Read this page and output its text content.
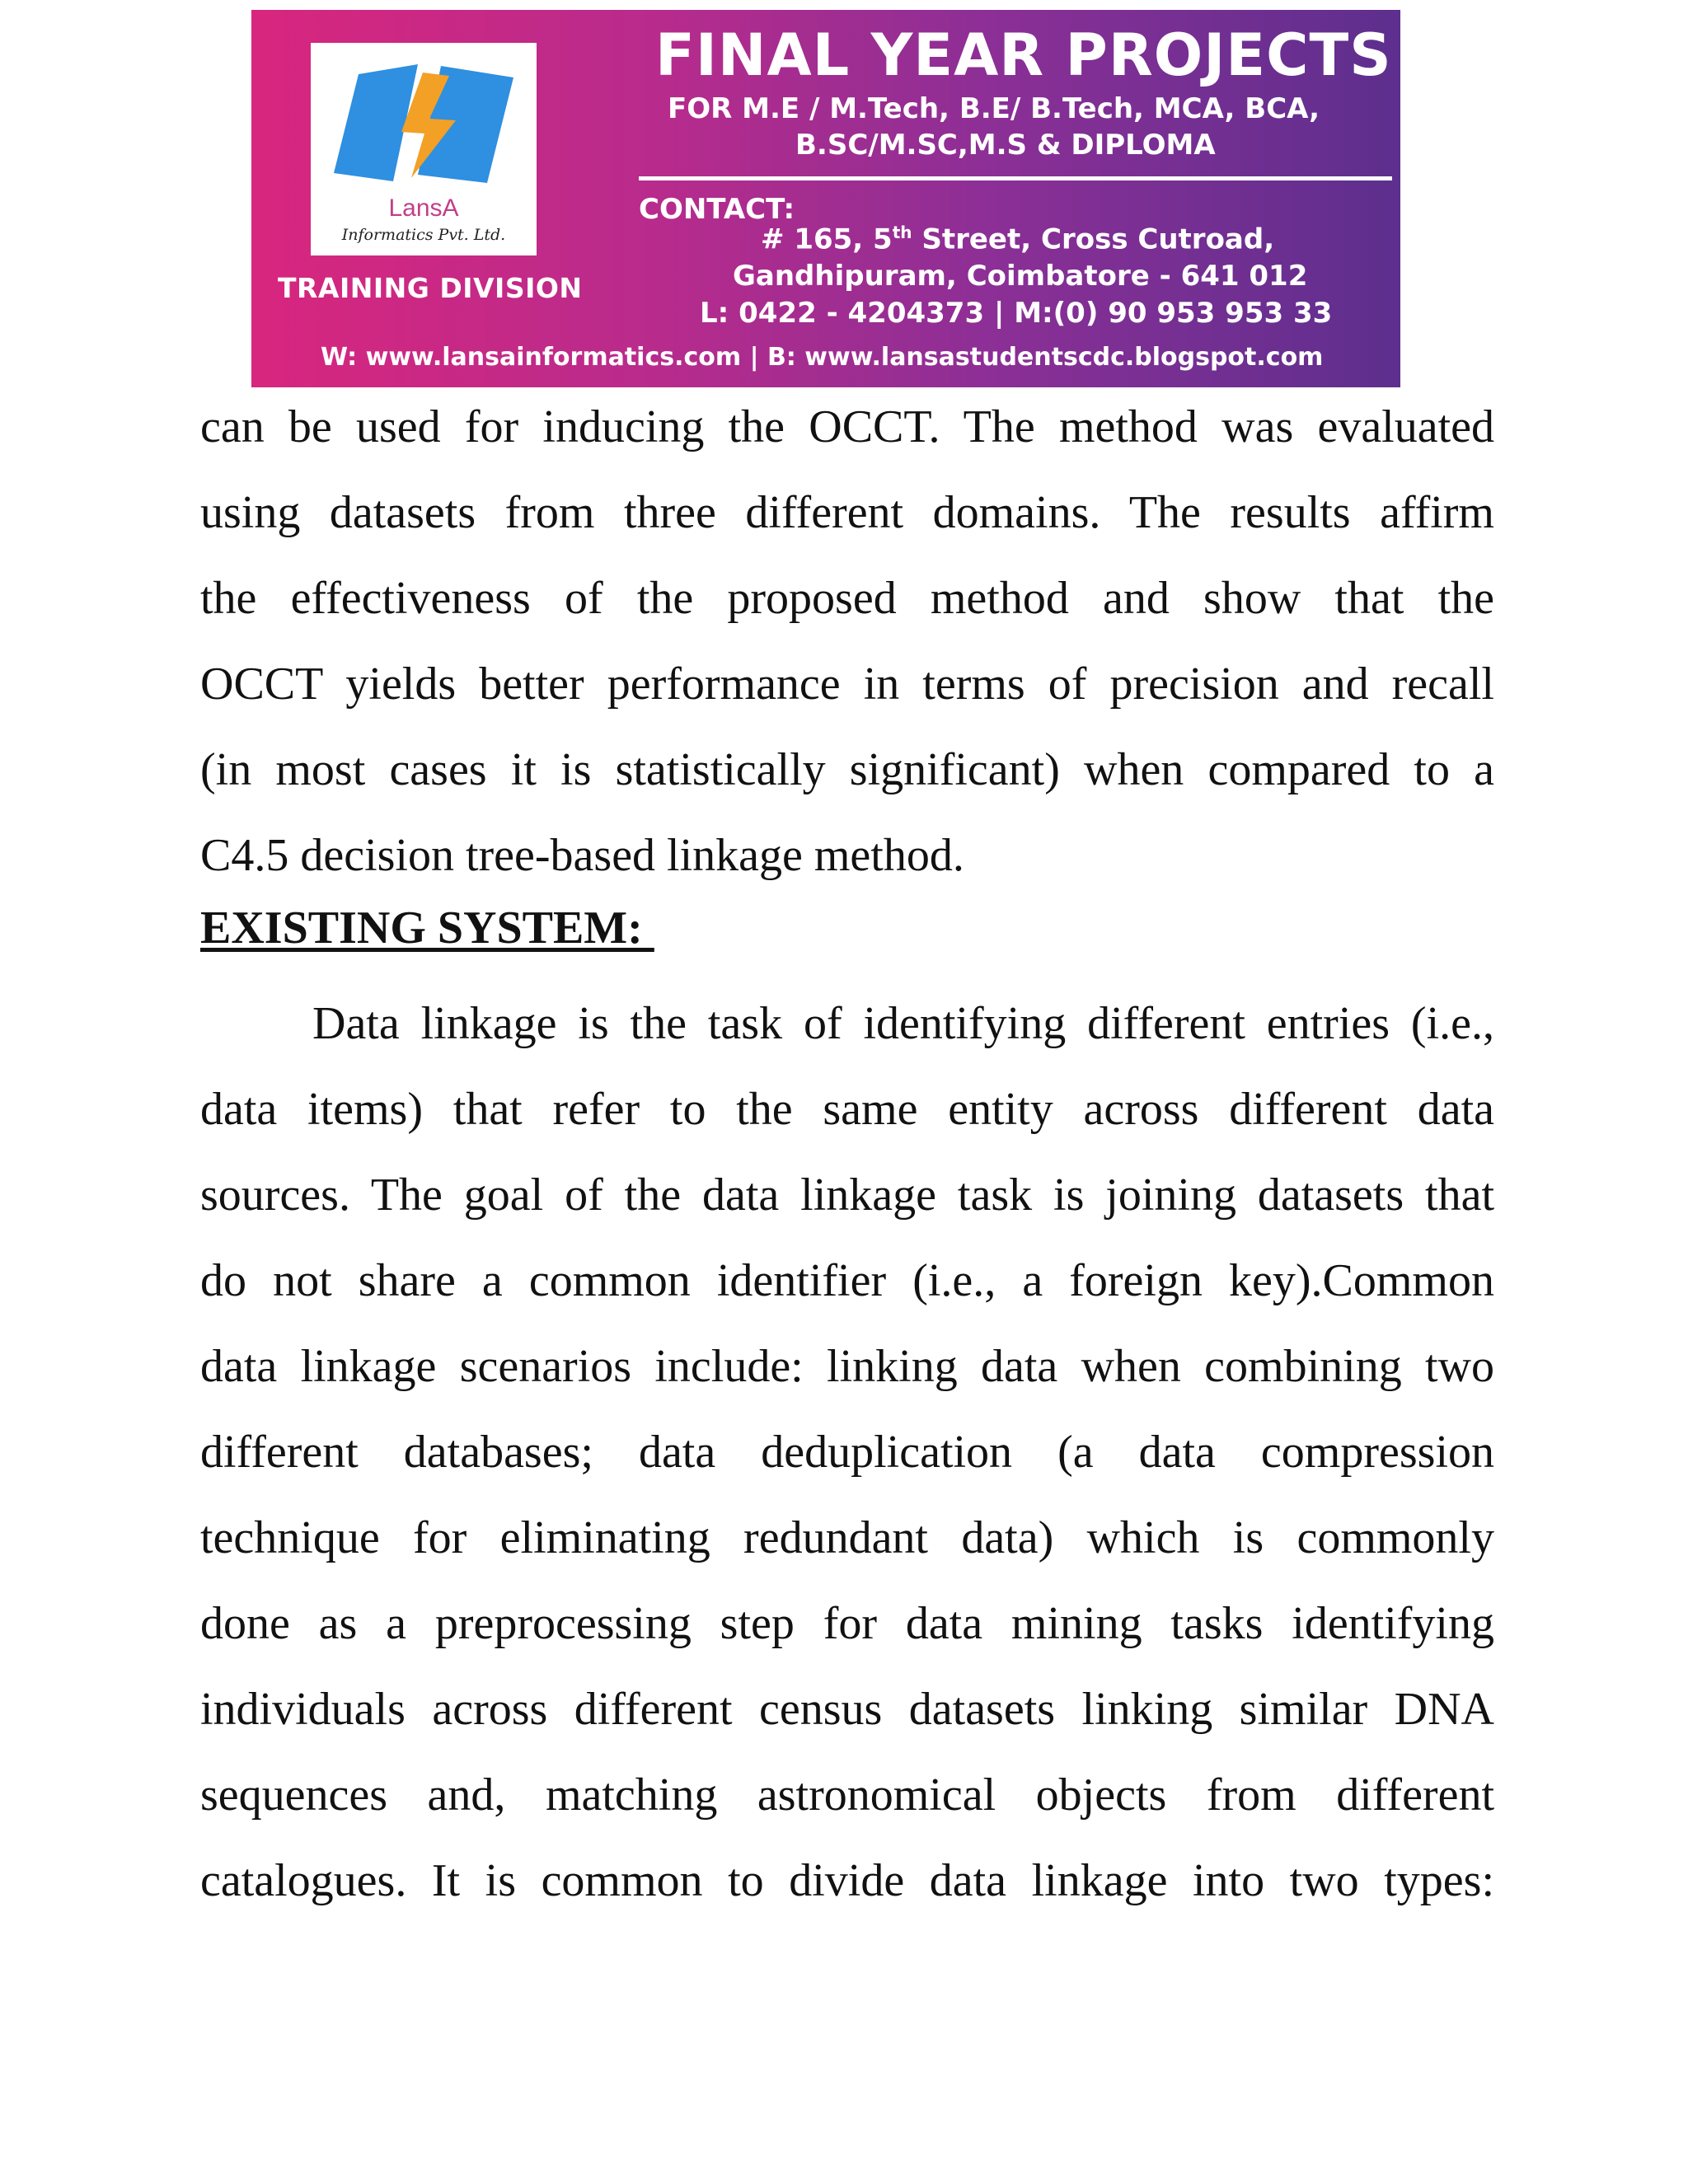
LansA
Informatics Pvt. Ltd.
TRAINING DIVISION
FINAL YEAR PROJECTS
FOR M.E / M.Tech, B.E/ B.Tech, MCA, BCA,
B.SC/M.SC,M.S & DIPLOMA
CONTACT:
# 165, 5th Street, Cross Cutroad,
Gandhipuram, Coimbatore - 641 012
L: 0422 - 4204373 | M:(0) 90 953 953 33
W: www.lansainformatics.com | B: www.lansastudentscdc.blogspot.com
can be used for inducing the OCCT. The method was evaluated
using datasets from three different domains. The results affirm
the effectiveness of the proposed method and show that the
OCCT yields better performance in terms of precision and recall
(in most cases it is statistically significant) when compared to a
C4.5 decision tree-based linkage method.
EXISTING SYSTEM:
Data linkage is the task of identifying different entries (i.e.,
data items) that refer to the same entity across different data
sources. The goal of the data linkage task is joining datasets that
do not share a common identifier (i.e., a foreign key).Common
data linkage scenarios include: linking data when combining two
different databases; data deduplication (a data compression
technique for eliminating redundant data) which is commonly
done as a preprocessing step for data mining tasks identifying
individuals across different census datasets linking similar DNA
sequences and, matching astronomical objects from different
catalogues. It is common to divide data linkage into two types:
